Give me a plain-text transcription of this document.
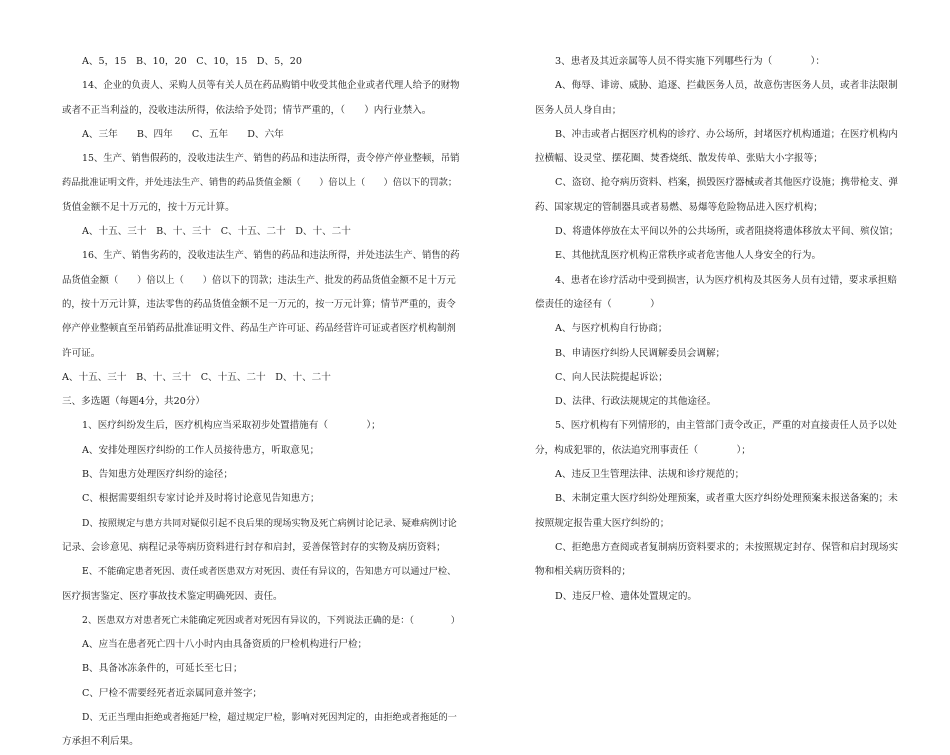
A、5，15　B、10，20　C、10，15　D、5，20
14、企业的负责人、采购人员等有关人员在药品购销中收受其他企业或者代理人给予的财物
或者不正当利益的，没收违法所得，依法给予处罚；情节严重的，（　　）内行业禁入。
A、三年　　B、四年　　C、五年　　D、六年
15、生产、销售假药的，没收违法生产、销售的药品和违法所得，责令停产停业整顿，吊销
药品批准证明文件，并处违法生产、销售的药品货值金额（　　）倍以上（　　）倍以下的罚款；
货值金额不足十万元的，按十万元计算。
A、十五、三十　B、十、三十　C、十五、二十　D、十、二十
16、生产、销售劣药的，没收违法生产、销售的药品和违法所得，并处违法生产、销售的药
品货值金额（　　）倍以上（　　）倍以下的罚款；违法生产、批发的药品货值金额不足十万元
的，按十万元计算，违法零售的药品货值金额不足一万元的，按一万元计算；情节严重的，责令
停产停业整顿直至吊销药品批准证明文件、药品生产许可证、药品经营许可证或者医疗机构制剂
许可证。
A、十五、三十　B、十、三十　C、十五、二十　D、十、二十
三、多选题（每题4分，共20分）
1、医疗纠纷发生后，医疗机构应当采取初步处置措施有（　　　　）；
A、安排处理医疗纠纷的工作人员接待患方，听取意见；
B、告知患方处理医疗纠纷的途径；
C、根据需要组织专家讨论并及时将讨论意见告知患方；
D、按照规定与患方共同对疑似引起不良后果的现场实物及死亡病例讨论记录、疑难病例讨论
记录、会诊意见、病程记录等病历资料进行封存和启封，妥善保管封存的实物及病历资料；
E、不能确定患者死因、责任或者医患双方对死因、责任有异议的，告知患方可以通过尸检、
医疗损害鉴定、医疗事故技术鉴定明确死因、责任。
2、医患双方对患者死亡未能确定死因或者对死因有异议的，下列说法正确的是：（　　　　）
A、应当在患者死亡四十八小时内由具备资质的尸检机构进行尸检；
B、具备冰冻条件的，可延长至七日；
C、尸检不需要经死者近亲属同意并签字；
D、无正当理由拒绝或者拖延尸检，超过规定尸检，影响对死因判定的，由拒绝或者拖延的一
方承担不利后果。
3、患者及其近亲属等人员不得实施下列哪些行为（　　　　）：
A、侮辱、诽谤、威胁、追逐、拦截医务人员，故意伤害医务人员，或者非法限制
医务人员人身自由；
B、冲击或者占据医疗机构的诊疗、办公场所，封堵医疗机构通道；在医疗机构内
拉横幅、设灵堂、摆花圈、焚香烧纸、散发传单、张贴大小字报等；
C、盗窃、抢夺病历资料、档案，损毁医疗器械或者其他医疗设施；携带枪支、弹
药、国家规定的管制器具或者易燃、易爆等危险物品进入医疗机构；
D、将遗体停放在太平间以外的公共场所，或者阻挠将遗体移放太平间、殡仪馆；
E、其他扰乱医疗机构正常秩序或者危害他人人身安全的行为。
4、患者在诊疗活动中受到损害，认为医疗机构及其医务人员有过错，要求承担赔
偿责任的途径有（　　　　）
A、与医疗机构自行协商；
B、申请医疗纠纷人民调解委员会调解；
C、向人民法院提起诉讼；
D、法律、行政法规规定的其他途径。
5、医疗机构有下列情形的，由主管部门责令改正，严重的对直接责任人员予以处
分，构成犯罪的，依法追究刑事责任（　　　　）；
A、违反卫生管理法律、法规和诊疗规范的；
B、未制定重大医疗纠纷处理预案，或者重大医疗纠纷处理预案未报送备案的；未
按照规定报告重大医疗纠纷的；
C、拒绝患方查阅或者复制病历资料要求的；未按照规定封存、保管和启封现场实
物和相关病历资料的；
D、违反尸检、遗体处置规定的。
